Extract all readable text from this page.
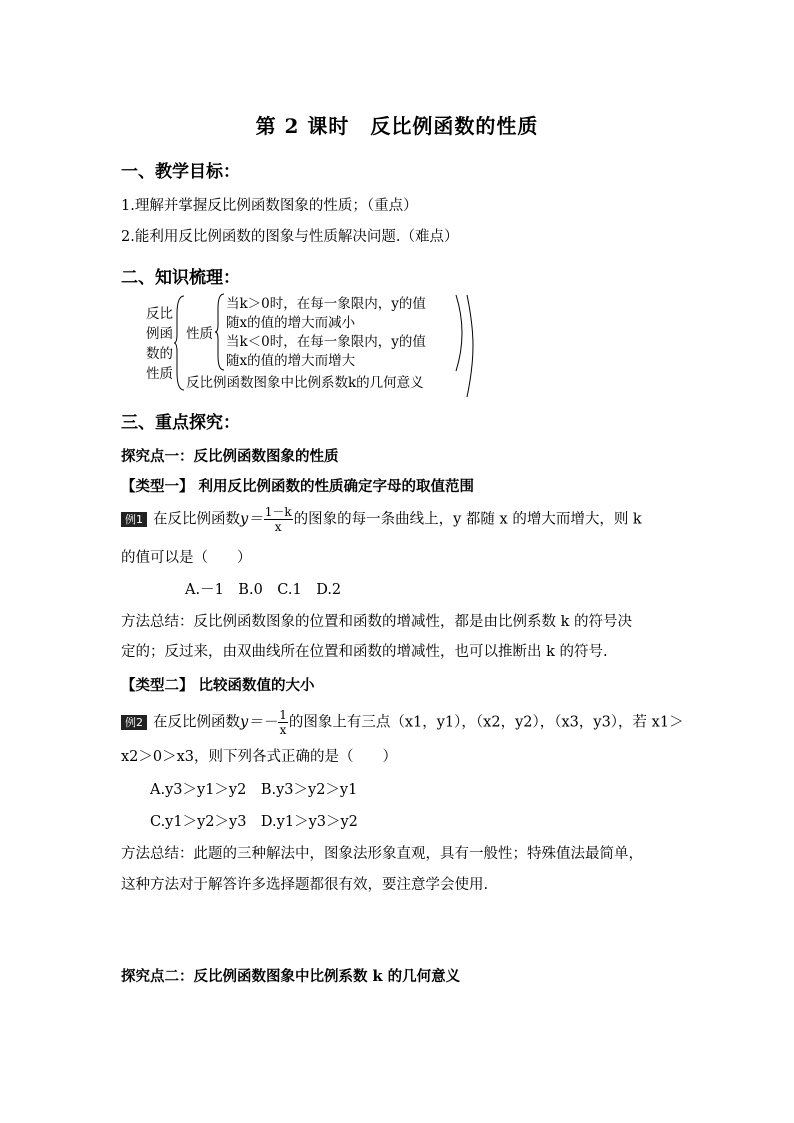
第 2 课时　反比例函数的性质
一、教学目标：
1.理解并掌握反比例函数图象的性质；（重点）
2.能利用反比例函数的图象与性质解决问题.（难点）
二、知识梳理：
反比
例函
数的
性质
性质
当k＞0时，在每一象限内，y的值
随x的值的增大而减小
当k＜0时，在每一象限内，y的值
随x的值的增大而增大
反比例函数图象中比例系数k的几何意义
三、重点探究：
探究点一：反比例函数图象的性质
【类型一】 利用反比例函数的性质确定字母的取值范围
例1 在反比例函数$y= \frac{1-k}{x}$ 的图象的每一条曲线上，y 都随 x 的增大而增大，则 k
的值可以是（　　）
A.－1　B.0　C.1　D.2
方法总结：反比例函数图象的位置和函数的增减性，都是由比例系数 k 的符号决
定的；反过来，由双曲线所在位置和函数的增减性，也可以推断出 k 的符号.
【类型二】 比较函数值的大小
例2 在反比例函数$y=- \frac{1}{x}$ 的图象上有三点（x1，y1），（x2，y2），（x3，y3），若 x1＞
x2＞0＞x3，则下列各式正确的是（　　）
A.y3＞y1＞y2　B.y3＞y2＞y1
C.y1＞y2＞y3　D.y1＞y3＞y2
方法总结：此题的三种解法中，图象法形象直观，具有一般性；特殊值法最简单，
这种方法对于解答许多选择题都很有效，要注意学会使用.
探究点二：反比例函数图象中比例系数 k 的几何意义
